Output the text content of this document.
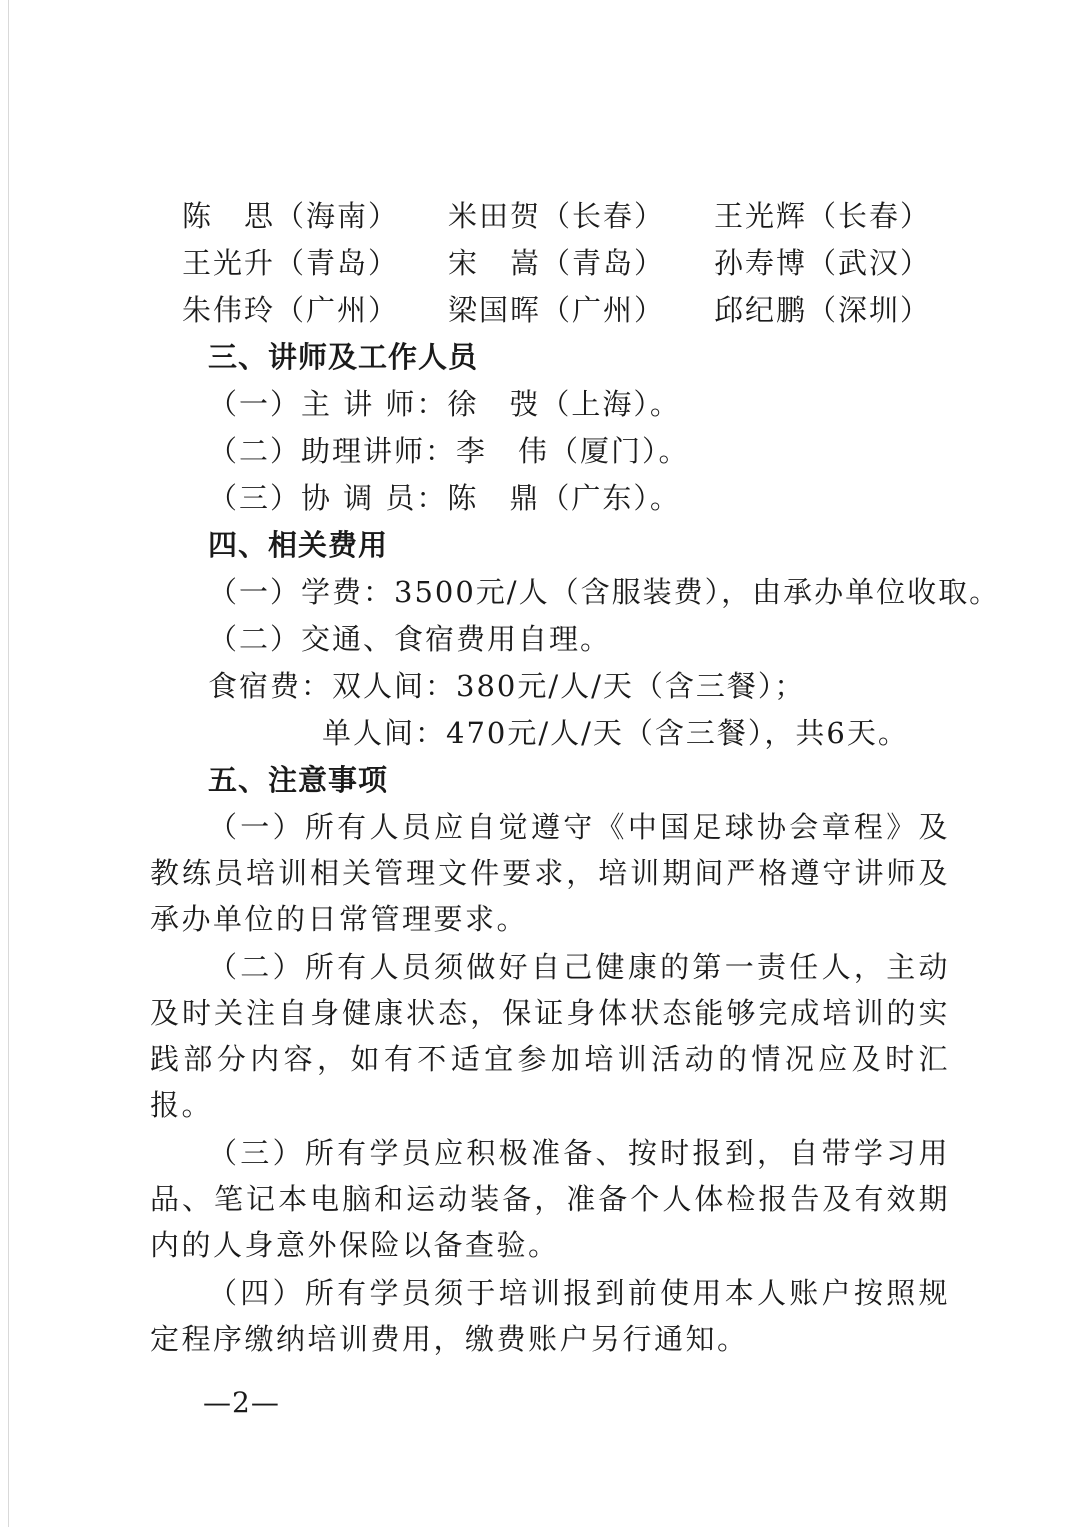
陈　思（海南）	米田贺（长春）	王光辉（长春）
王光升（青岛）	宋　嵩（青岛）	孙寿博（武汉）
朱伟玲（广州）	梁国晖（广州）	邱纪鹏（深圳）
三、讲师及工作人员
（一）主 讲 师：徐　弢（上海）。
（二）助理讲师：李　伟（厦门）。
（三）协 调 员：陈　鼎（广东）。
四、相关费用
（一）学费：3500元/人（含服装费），由承办单位收取。
（二）交通、食宿费用自理。
食宿费：双人间：380元/人/天（含三餐）；
单人间：470元/人/天（含三餐），共6天。
五、注意事项

（一）所有人员应自觉遵守《中国足球协会章程》及教练员培训相关管理文件要求，培训期间严格遵守讲师及承办单位的日常管理要求。

（二）所有人员须做好自己健康的第一责任人，主动及时关注自身健康状态，保证身体状态能够完成培训的实践部分内容，如有不适宜参加培训活动的情况应及时汇报。

（三）所有学员应积极准备、按时报到，自带学习用品、笔记本电脑和运动装备，准备个人体检报告及有效期内的人身意外保险以备查验。

（四）所有学员须于培训报到前使用本人账户按照规定程序缴纳培训费用，缴费账户另行通知。

—2—
